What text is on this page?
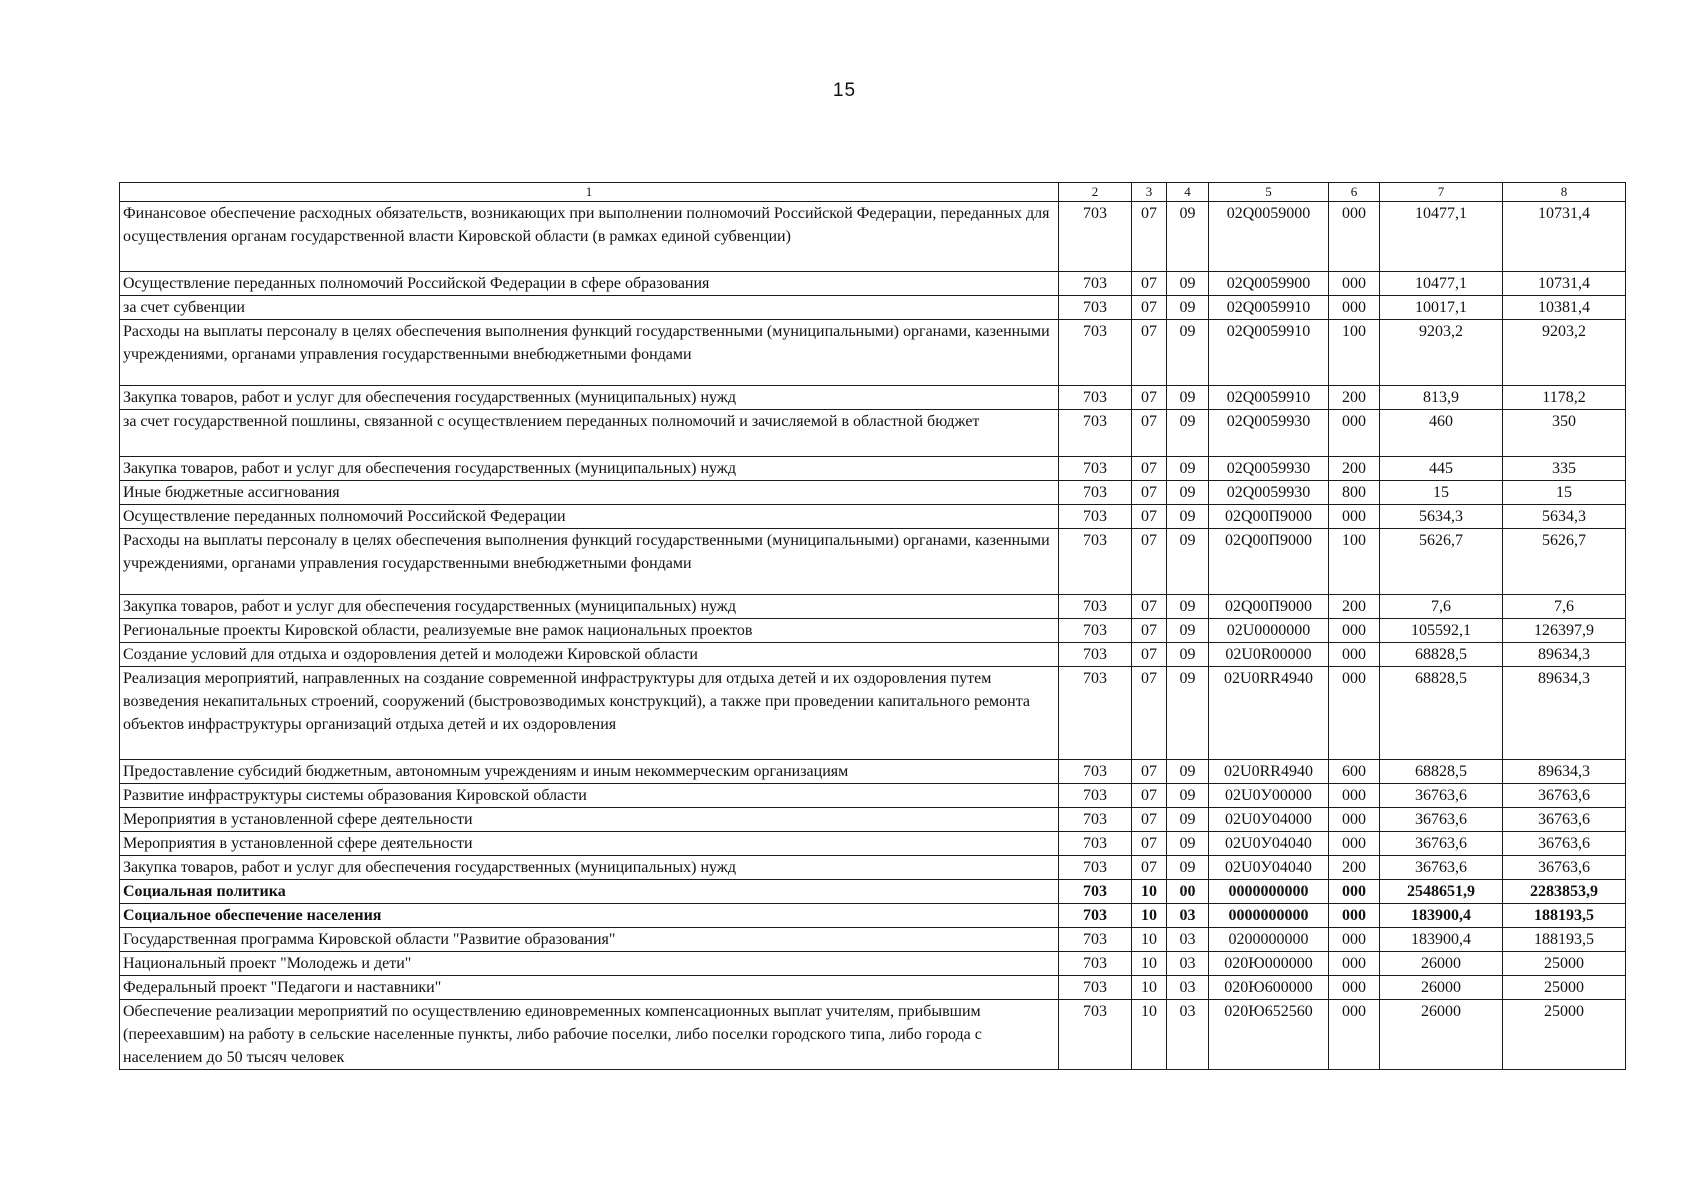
15
1	2	3	4	5	6	7	8
Финансовое обеспечение расходных обязательств, возникающих при выполнении полномочий Российской Федерации, переданных для осуществления органам государственной власти Кировской области (в рамках единой субвенции)	703	07	09	02Q0059000	000	10477,1	10731,4
Осуществление переданных полномочий Российской Федерации в сфере образования	703	07	09	02Q0059900	000	10477,1	10731,4
за счет субвенции	703	07	09	02Q0059910	000	10017,1	10381,4
Расходы на выплаты персоналу в целях обеспечения выполнения функций государственными (муниципальными) органами, казенными учреждениями, органами управления государственными внебюджетными фондами	703	07	09	02Q0059910	100	9203,2	9203,2
Закупка товаров, работ и услуг для обеспечения государственных (муниципальных) нужд	703	07	09	02Q0059910	200	813,9	1178,2
за счет государственной пошлины, связанной с осуществлением переданных полномочий и зачисляемой в областной бюджет	703	07	09	02Q0059930	000	460	350
Закупка товаров, работ и услуг для обеспечения государственных (муниципальных) нужд	703	07	09	02Q0059930	200	445	335
Иные бюджетные ассигнования	703	07	09	02Q0059930	800	15	15
Осуществление переданных полномочий Российской Федерации	703	07	09	02Q00П9000	000	5634,3	5634,3
Расходы на выплаты персоналу в целях обеспечения выполнения функций государственными (муниципальными) органами, казенными учреждениями, органами управления государственными внебюджетными фондами	703	07	09	02Q00П9000	100	5626,7	5626,7
Закупка товаров, работ и услуг для обеспечения государственных (муниципальных) нужд	703	07	09	02Q00П9000	200	7,6	7,6
Региональные проекты Кировской области, реализуемые вне рамок национальных проектов	703	07	09	02U0000000	000	105592,1	126397,9
Создание условий для отдыха и оздоровления детей и молодежи Кировской области	703	07	09	02U0R00000	000	68828,5	89634,3
Реализация мероприятий, направленных на создание современной инфраструктуры для отдыха детей и их оздоровления путем возведения некапитальных строений, сооружений (быстровозводимых конструкций), а также при проведении капитального ремонта объектов инфраструктуры организаций отдыха детей и их оздоровления	703	07	09	02U0RR4940	000	68828,5	89634,3
Предоставление субсидий бюджетным, автономным учреждениям и иным некоммерческим организациям	703	07	09	02U0RR4940	600	68828,5	89634,3
Развитие инфраструктуры системы образования Кировской области	703	07	09	02U0У00000	000	36763,6	36763,6
Мероприятия в установленной сфере деятельности	703	07	09	02U0У04000	000	36763,6	36763,6
Мероприятия в установленной сфере деятельности	703	07	09	02U0У04040	000	36763,6	36763,6
Закупка товаров, работ и услуг для обеспечения государственных (муниципальных) нужд	703	07	09	02U0У04040	200	36763,6	36763,6
Социальная политика	703	10	00	0000000000	000	2548651,9	2283853,9
Социальное обеспечение населения	703	10	03	0000000000	000	183900,4	188193,5
Государственная программа Кировской области "Развитие образования"	703	10	03	0200000000	000	183900,4	188193,5
Национальный проект "Молодежь и дети"	703	10	03	020Ю000000	000	26000	25000
Федеральный проект "Педагоги и наставники"	703	10	03	020Ю600000	000	26000	25000
Обеспечение реализации мероприятий по осуществлению единовременных компенсационных выплат учителям, прибывшим (переехавшим) на работу в сельские населенные пункты, либо рабочие поселки, либо поселки городского типа, либо города с населением до 50 тысяч человек	703	10	03	020Ю652560	000	26000	25000
